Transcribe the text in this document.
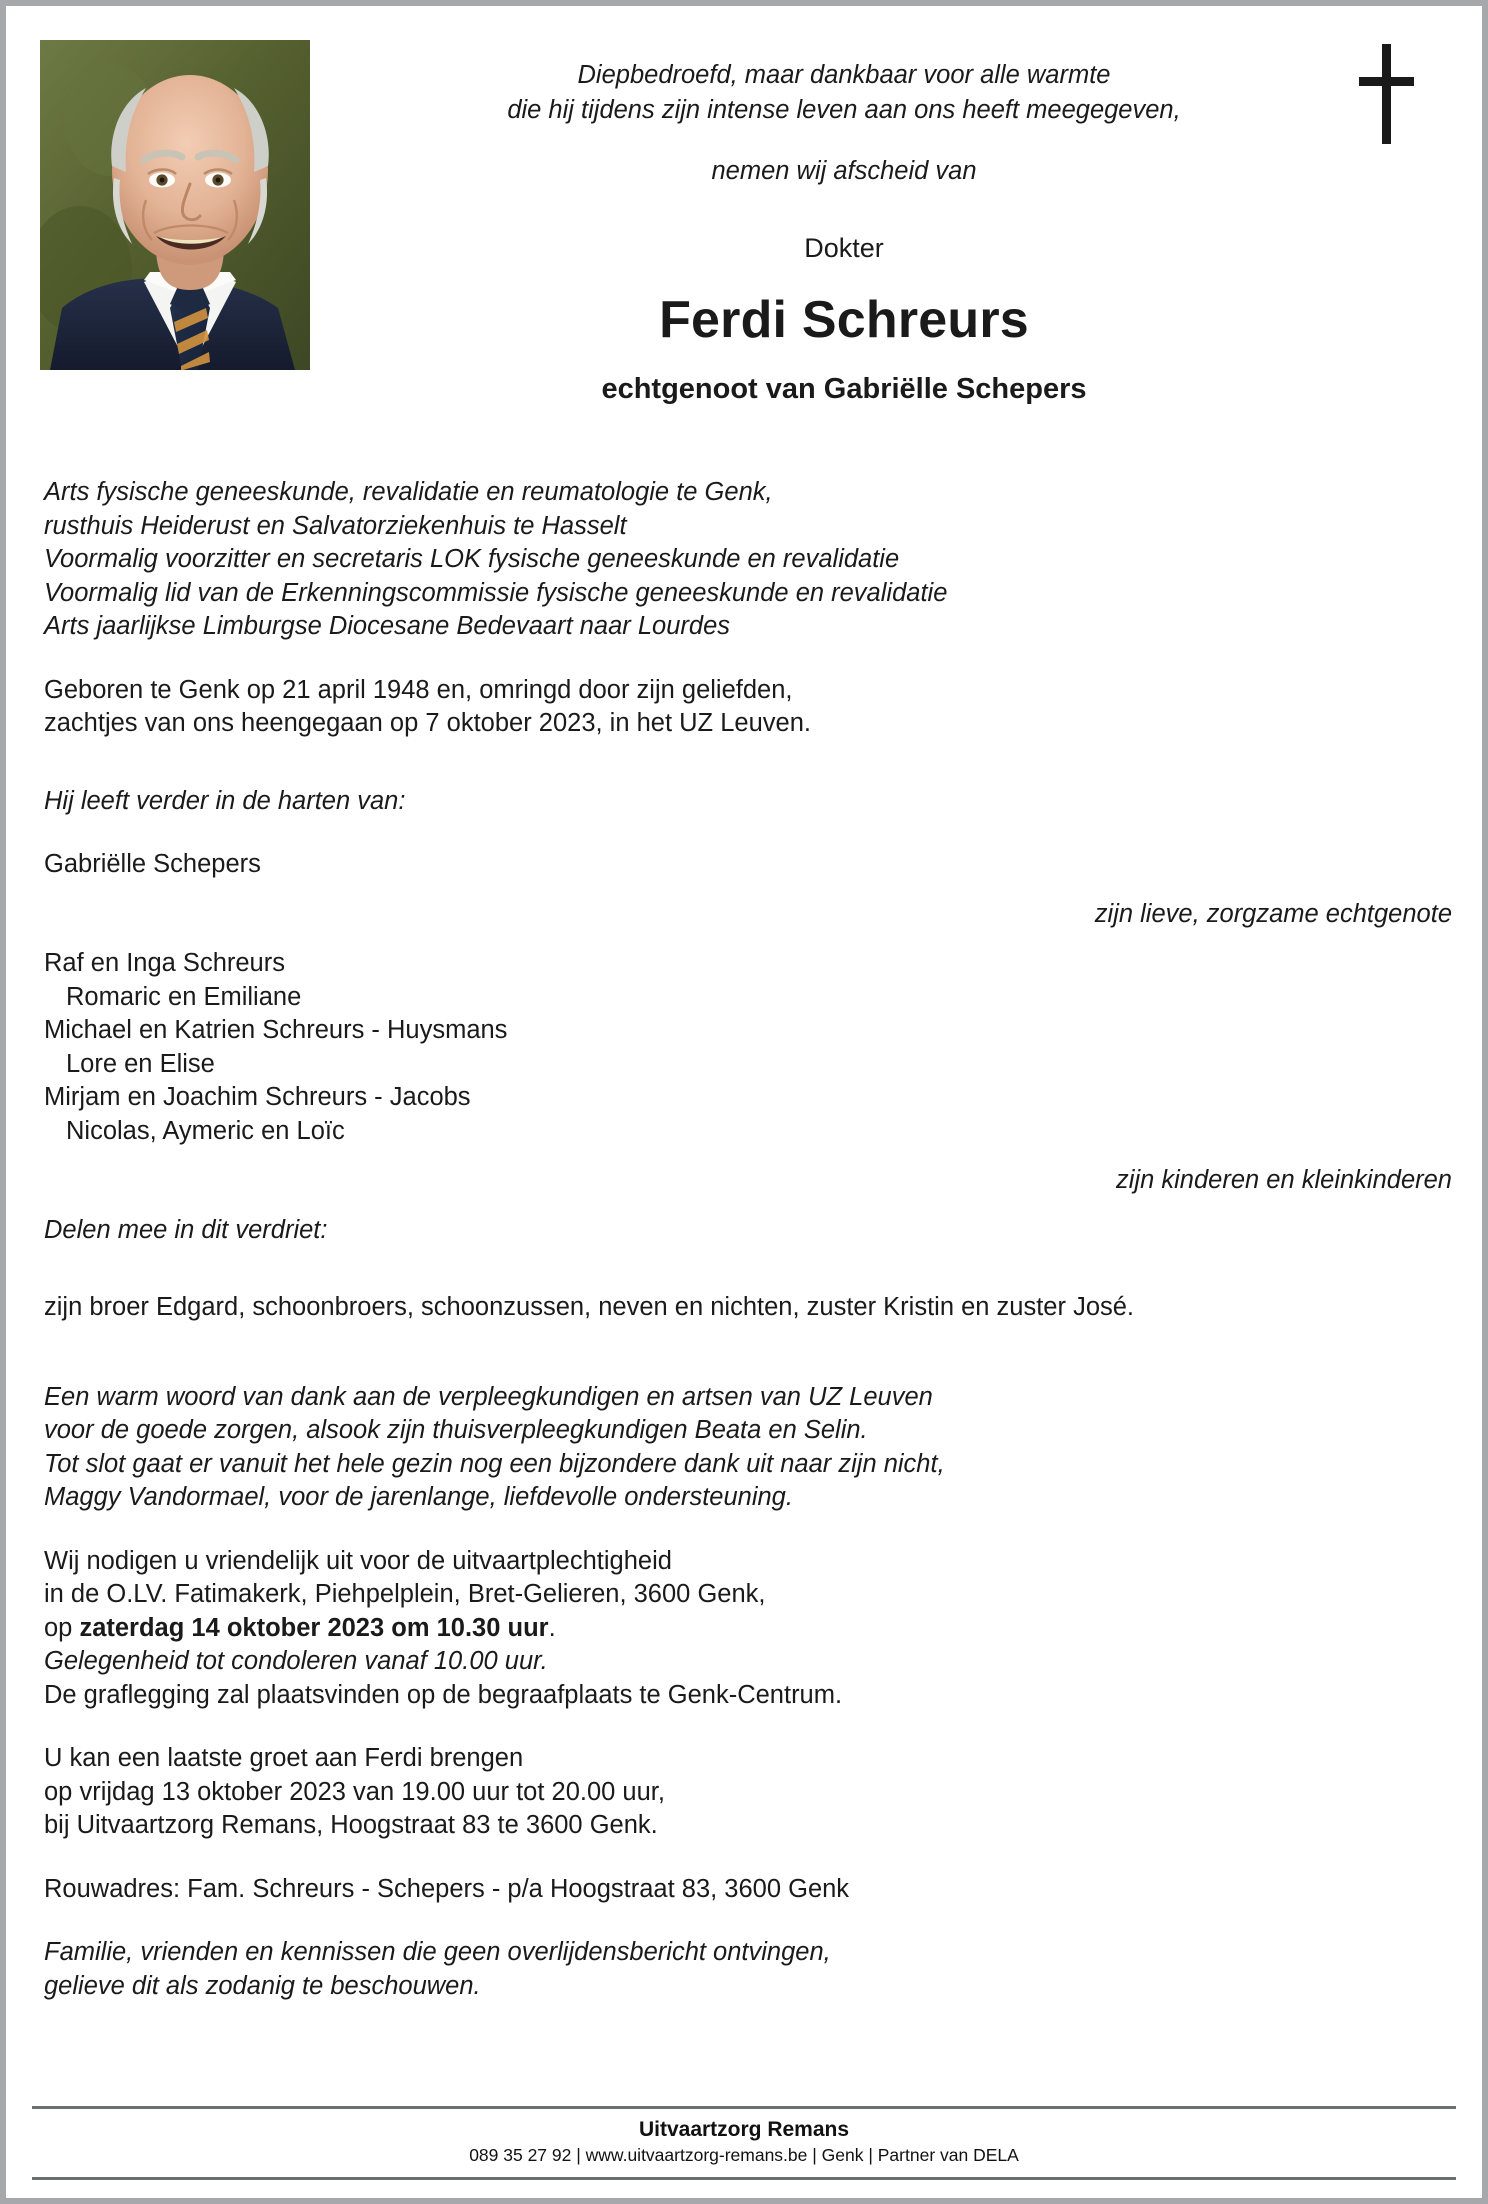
Diepbedroefd, maar dankbaar voor alle warmte
die hij tijdens zijn intense leven aan ons heeft meegegeven,
nemen wij afscheid van
Dokter
Ferdi Schreurs
echtgenoot van Gabriëlle Schepers
Arts fysische geneeskunde, revalidatie en reumatologie te Genk,
rusthuis Heiderust en Salvatorziekenhuis te Hasselt
Voormalig voorzitter en secretaris LOK fysische geneeskunde en revalidatie
Voormalig lid van de Erkenningscommissie fysische geneeskunde en revalidatie
Arts jaarlijkse Limburgse Diocesane Bedevaart naar Lourdes
Geboren te Genk op 21 april 1948 en, omringd door zijn geliefden,
zachtjes van ons heengegaan op 7 oktober 2023, in het UZ Leuven.
Hij leeft verder in de harten van:
Gabriëlle Schepers
zijn lieve, zorgzame echtgenote
Raf en Inga Schreurs
Romaric en Emiliane
Michael en Katrien Schreurs - Huysmans
Lore en Elise
Mirjam en Joachim Schreurs - Jacobs
Nicolas, Aymeric en Loïc
zijn kinderen en kleinkinderen
Delen mee in dit verdriet:
zijn broer Edgard, schoonbroers, schoonzussen, neven en nichten, zuster Kristin en zuster José.
Een warm woord van dank aan de verpleegkundigen en artsen van UZ Leuven
voor de goede zorgen, alsook zijn thuisverpleegkundigen Beata en Selin.
Tot slot gaat er vanuit het hele gezin nog een bijzondere dank uit naar zijn nicht,
Maggy Vandormael, voor de jarenlange, liefdevolle ondersteuning.
Wij nodigen u vriendelijk uit voor de uitvaartplechtigheid
in de O.LV. Fatimakerk, Piehpelplein, Bret-Gelieren, 3600 Genk,
op zaterdag 14 oktober 2023 om 10.30 uur.
Gelegenheid tot condoleren vanaf 10.00 uur.
De graflegging zal plaatsvinden op de begraafplaats te Genk-Centrum.
U kan een laatste groet aan Ferdi brengen
op vrijdag 13 oktober 2023 van 19.00 uur tot 20.00 uur,
bij Uitvaartzorg Remans, Hoogstraat 83 te 3600 Genk.
Rouwadres: Fam. Schreurs - Schepers - p/a Hoogstraat 83, 3600 Genk
Familie, vrienden en kennissen die geen overlijdensbericht ontvingen,
gelieve dit als zodanig te beschouwen.
Uitvaartzorg Remans
089 35 27 92 | www.uitvaartzorg-remans.be | Genk | Partner van DELA
